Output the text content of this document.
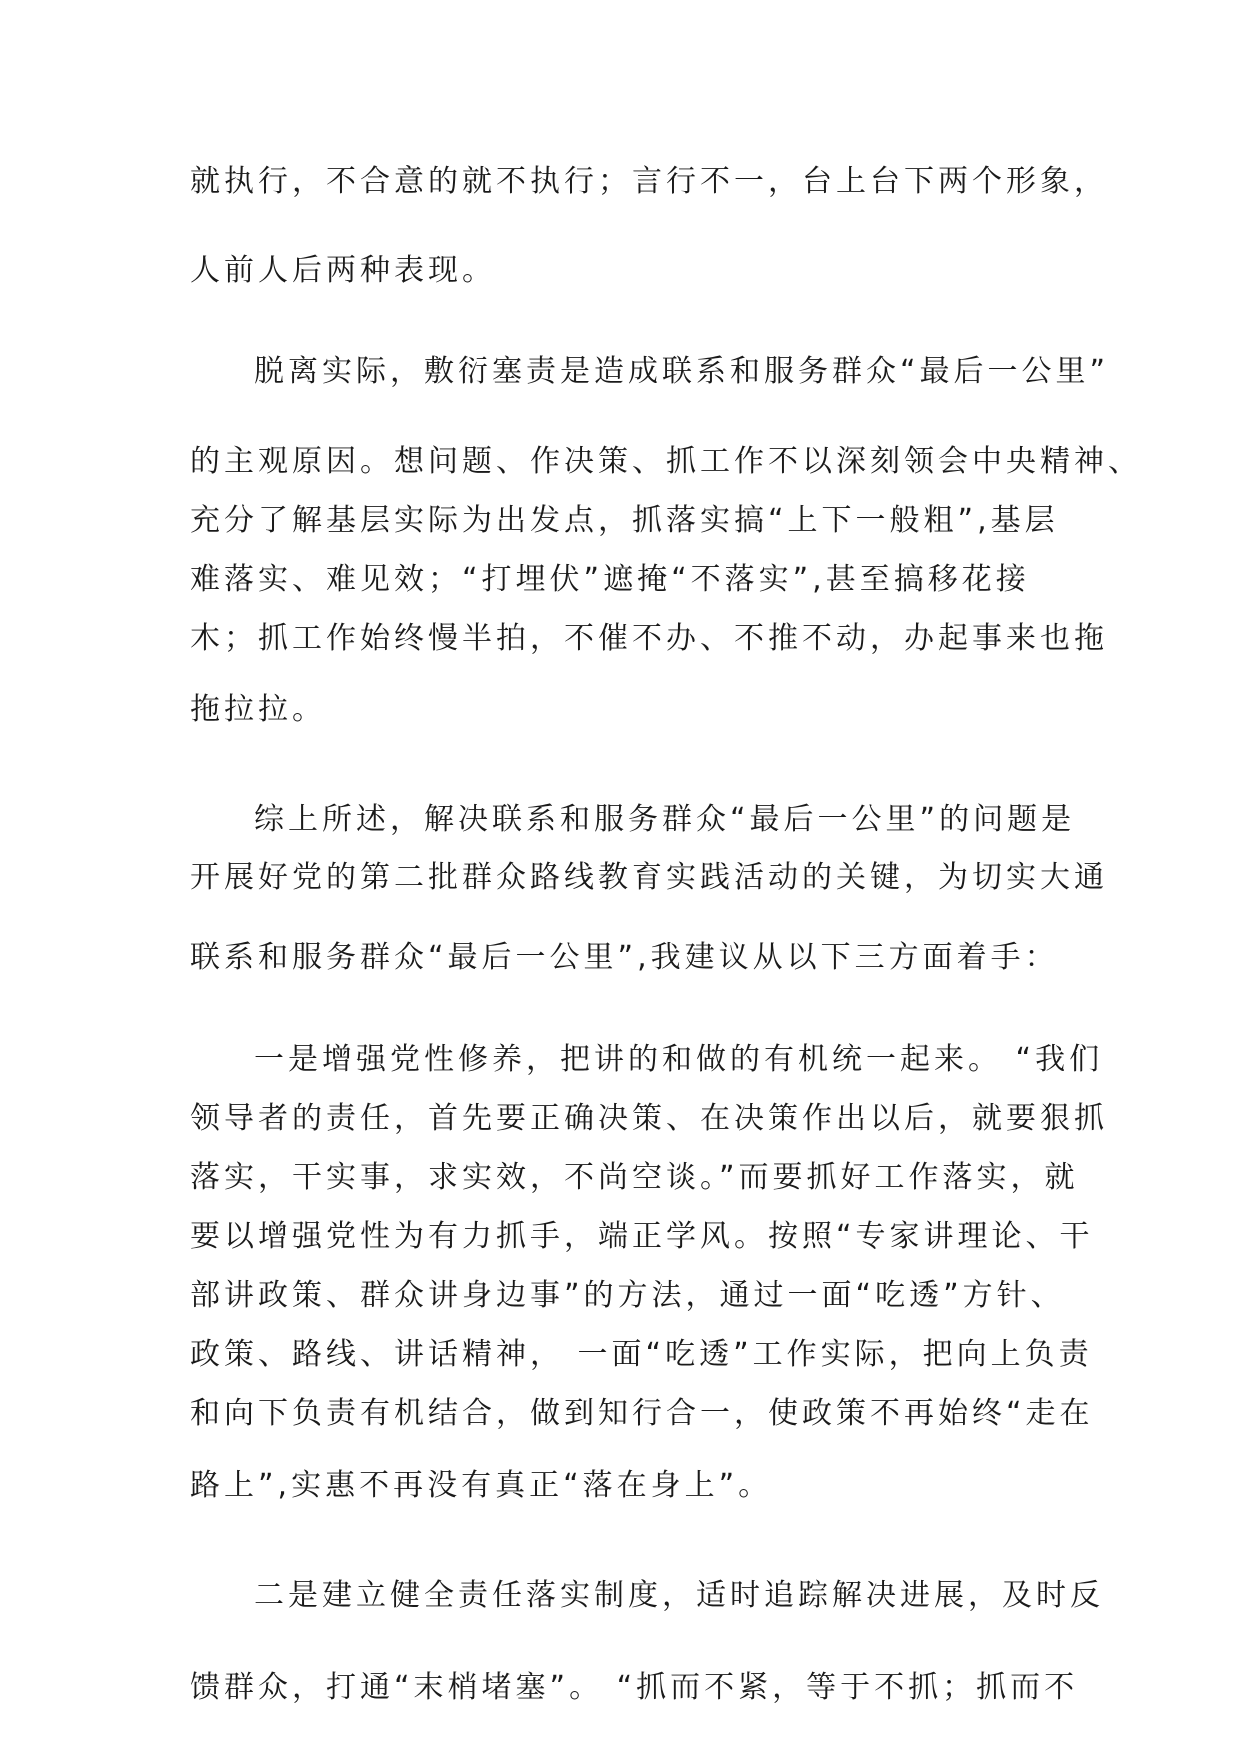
就执行，不合意的就不执行；言行不一，台上台下两个形象，
人前人后两种表现。
脱离实际，敷衍塞责是造成联系和服务群众“最后一公里”
的主观原因。想问题、作决策、抓工作不以深刻领会中央精神、
充分了解基层实际为出发点，抓落实搞“上下一般粗”,基层
难落实、难见效；“打埋伏”遮掩“不落实”,甚至搞移花接
木；抓工作始终慢半拍，不催不办、不推不动，办起事来也拖
拖拉拉。
综上所述，解决联系和服务群众“最后一公里”的问题是
开展好党的第二批群众路线教育实践活动的关键，为切实大通
联系和服务群众“最后一公里”,我建议从以下三方面着手：
一是增强党性修养，把讲的和做的有机统一起来。 “我们
领导者的责任，首先要正确决策、在决策作出以后，就要狠抓
落实，干实事，求实效，不尚空谈。”而要抓好工作落实，就
要以增强党性为有力抓手，端正学风。按照“专家讲理论、干
部讲政策、群众讲身边事”的方法，通过一面“吃透”方针、
政策、路线、讲话精神， 一面“吃透”工作实际，把向上负责
和向下负责有机结合，做到知行合一，使政策不再始终“走在
路上”,实惠不再没有真正“落在身上”。
二是建立健全责任落实制度，适时追踪解决进展，及时反
馈群众，打通“末梢堵塞”。 “抓而不紧，等于不抓；抓而不
